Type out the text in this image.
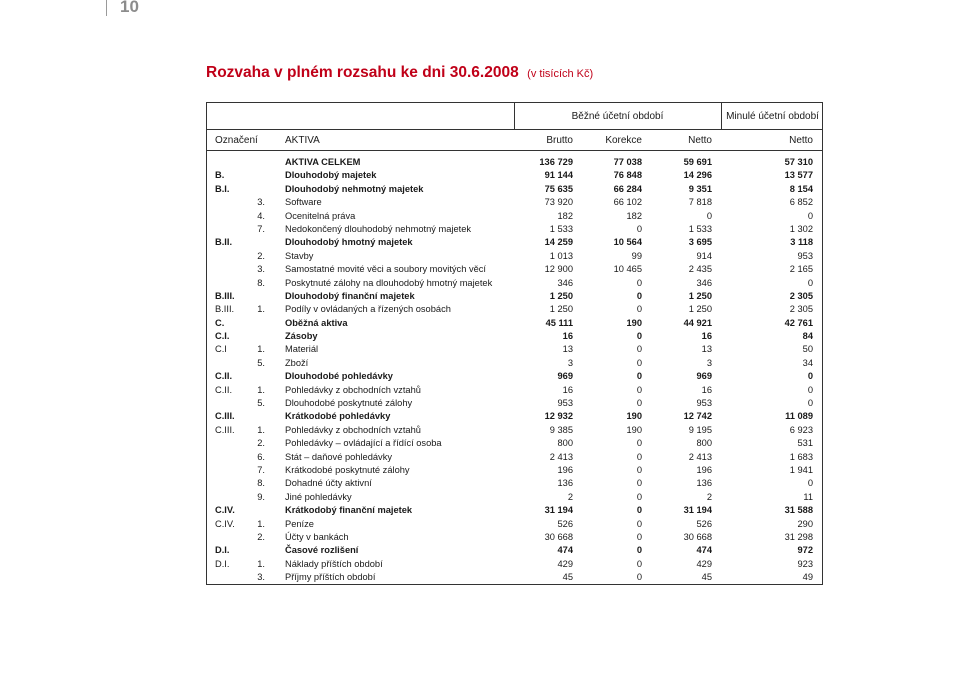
10
Rozvaha v plném rozsahu ke dni 30.6.2008 (v tisících Kč)
Běžné účetní období	Minulé účetní období
Označení	AKTIVA	Brutto	Korekce	Netto	Netto
AKTIVA CELKEM	136 729	77 038	59 691	57 310
B.	Dlouhodobý majetek	91 144	76 848	14 296	13 577
B.I.	Dlouhodobý nehmotný majetek	75 635	66 284	9 351	8 154
3. Software	73 920	66 102	7 818	6 852
4. Ocenitelná práva	182	182	0	0
7. Nedokončený dlouhodobý nehmotný majetek	1 533	0	1 533	1 302
B.II.	Dlouhodobý hmotný majetek	14 259	10 564	3 695	3 118
2. Stavby	1 013	99	914	953
3. Samostatné movité věci a soubory movitých věcí	12 900	10 465	2 435	2 165
8. Poskytnuté zálohy na dlouhodobý hmotný majetek	346	0	346	0
B.III.	Dlouhodobý finanční majetek	1 250	0	1 250	2 305
B.III.	1. Podíly v ovládaných a řízených osobách	1 250	0	1 250	2 305
C.	Oběžná aktiva	45 111	190	44 921	42 761
C.I.	Zásoby	16	0	16	84
C.I	1. Materiál	13	0	13	50
5. Zboží	3	0	3	34
C.II.	Dlouhodobé pohledávky	969	0	969	0
C.II.	1. Pohledávky z obchodních vztahů	16	0	16	0
5. Dlouhodobé poskytnuté zálohy	953	0	953	0
C.III.	Krátkodobé pohledávky	12 932	190	12 742	11 089
C.III.	1. Pohledávky z obchodních vztahů	9 385	190	9 195	6 923
2. Pohledávky – ovládající a řídící osoba	800	0	800	531
6. Stát – daňové pohledávky	2 413	0	2 413	1 683
7. Krátkodobé poskytnuté zálohy	196	0	196	1 941
8. Dohadné účty aktivní	136	0	136	0
9. Jiné pohledávky	2	0	2	11
C.IV.	Krátkodobý finanční majetek	31 194	0	31 194	31 588
C.IV.	1. Peníze	526	0	526	290
2. Účty v bankách	30 668	0	30 668	31 298
D.I.	Časové rozlišení	474	0	474	972
D.I.	1. Náklady příštích období	429	0	429	923
3. Příjmy příštích období	45	0	45	49
